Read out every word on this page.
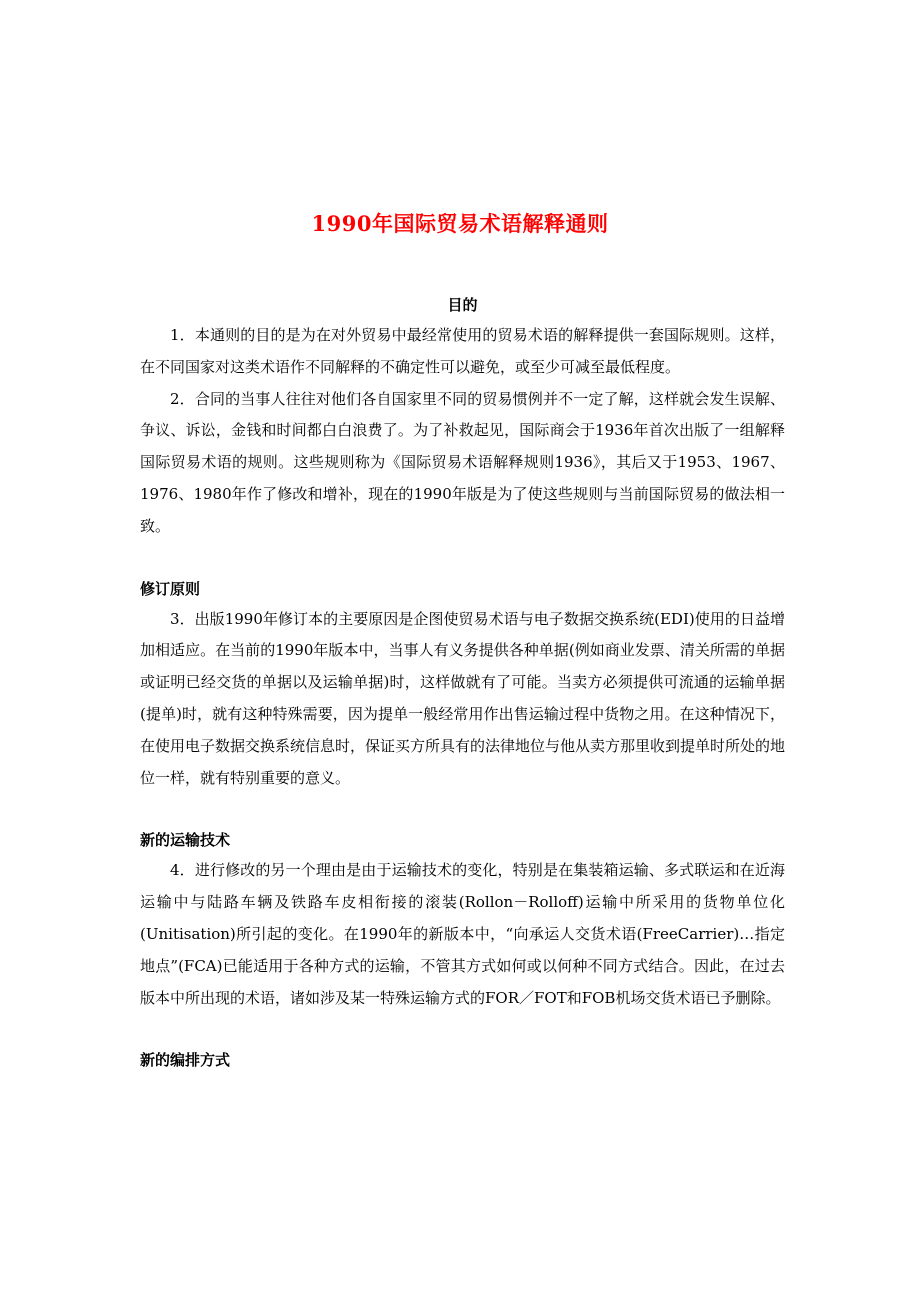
1990年国际贸易术语解释通则
目的

1．本通则的目的是为在对外贸易中最经常使用的贸易术语的解释提供一套国际规则。这样，在不同国家对这类术语作不同解释的不确定性可以避免，或至少可减至最低程度。

2．合同的当事人往往对他们各自国家里不同的贸易惯例并不一定了解，这样就会发生误解、争议、诉讼，金钱和时间都白白浪费了。为了补救起见，国际商会于1936年首次出版了一组解释国际贸易术语的规则。这些规则称为《国际贸易术语解释规则1936》，其后又于1953、1967、1976、1980年作了修改和增补，现在的1990年版是为了使这些规则与当前国际贸易的做法相一致。

修订原则

3．出版1990年修订本的主要原因是企图使贸易术语与电子数据交换系统(EDI)使用的日益增加相适应。在当前的1990年版本中，当事人有义务提供各种单据(例如商业发票、清关所需的单据或证明已经交货的单据以及运输单据)时，这样做就有了可能。当卖方必须提供可流通的运输单据(提单)时，就有这种特殊需要，因为提单一般经常用作出售运输过程中货物之用。在这种情况下，在使用电子数据交换系统信息时，保证买方所具有的法律地位与他从卖方那里收到提单时所处的地位一样，就有特别重要的意义。

新的运输技术

4．进行修改的另一个理由是由于运输技术的变化，特别是在集装箱运输、多式联运和在近海运输中与陆路车辆及铁路车皮相衔接的滚装(Rollon－Rolloff)运输中所采用的货物单位化(Unitisation)所引起的变化。在1990年的新版本中，“向承运人交货术语(FreeCarrier)…指定地点”(FCA)已能适用于各种方式的运输，不管其方式如何或以何种不同方式结合。因此，在过去版本中所出现的术语，诸如涉及某一特殊运输方式的FOR／FOT和FOB机场交货术语已予删除。

新的编排方式
